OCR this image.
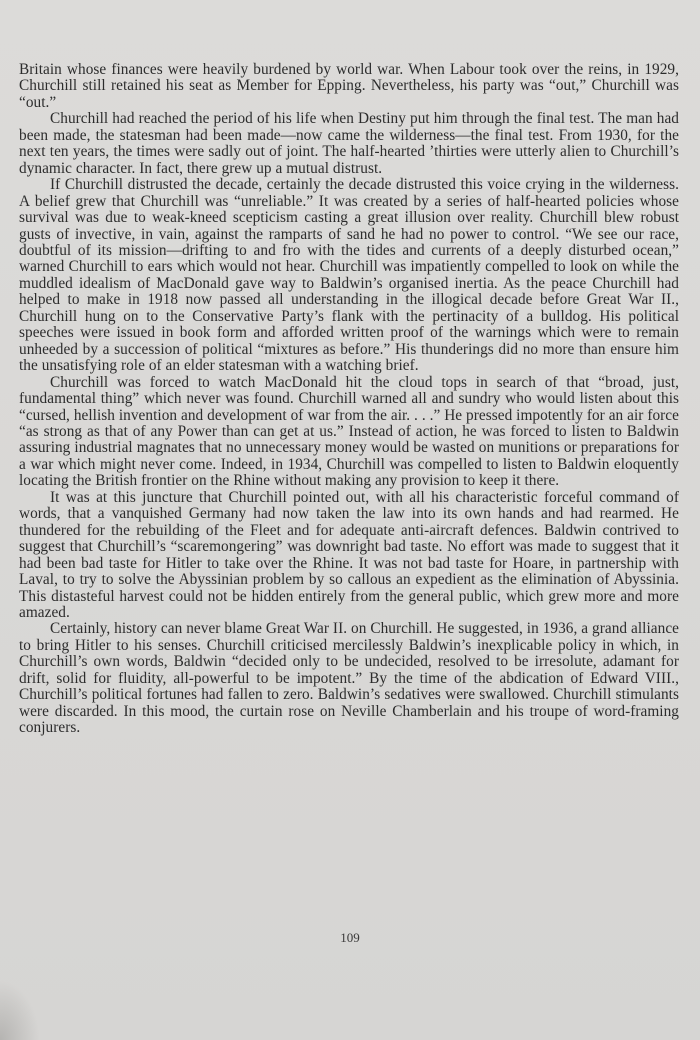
Britain whose finances were heavily burdened by world war. When Labour took over the reins, in 1929, Churchill still retained his seat as Member for Epping. Nevertheless, his party was “out,” Churchill was “out.”

Churchill had reached the period of his life when Destiny put him through the final test. The man had been made, the statesman had been made—now came the wilderness—the final test. From 1930, for the next ten years, the times were sadly out of joint. The half-hearted ’thirties were utterly alien to Churchill’s dynamic character. In fact, there grew up a mutual distrust.

If Churchill distrusted the decade, certainly the decade distrusted this voice crying in the wilderness. A belief grew that Churchill was “unreliable.” It was created by a series of half-hearted policies whose survival was due to weak-kneed scepticism casting a great illusion over reality. Churchill blew robust gusts of invective, in vain, against the ramparts of sand he had no power to control. “We see our race, doubtful of its mission—drifting to and fro with the tides and currents of a deeply disturbed ocean,” warned Churchill to ears which would not hear. Churchill was impatiently compelled to look on while the muddled idealism of MacDonald gave way to Baldwin’s organised inertia. As the peace Churchill had helped to make in 1918 now passed all understanding in the illogical decade before Great War II., Churchill hung on to the Conservative Party’s flank with the pertinacity of a bulldog. His political speeches were issued in book form and afforded written proof of the warnings which were to remain unheeded by a succession of political “mixtures as before.” His thunderings did no more than ensure him the unsatisfying role of an elder statesman with a watching brief.

Churchill was forced to watch MacDonald hit the cloud tops in search of that “broad, just, fundamental thing” which never was found. Churchill warned all and sundry who would listen about this “cursed, hellish invention and development of war from the air. . . .” He pressed impotently for an air force “as strong as that of any Power than can get at us.” Instead of action, he was forced to listen to Baldwin assuring industrial magnates that no unnecessary money would be wasted on munitions or preparations for a war which might never come. Indeed, in 1934, Churchill was compelled to listen to Baldwin eloquently locating the British frontier on the Rhine without making any provision to keep it there.

It was at this juncture that Churchill pointed out, with all his characteristic forceful command of words, that a vanquished Germany had now taken the law into its own hands and had rearmed. He thundered for the rebuilding of the Fleet and for adequate anti-aircraft defences. Baldwin contrived to suggest that Churchill’s “scaremongering” was downright bad taste. No effort was made to suggest that it had been bad taste for Hitler to take over the Rhine. It was not bad taste for Hoare, in partnership with Laval, to try to solve the Abyssinian problem by so callous an expedient as the elimination of Abyssinia. This distasteful harvest could not be hidden entirely from the general public, which grew more and more amazed.

Certainly, history can never blame Great War II. on Churchill. He suggested, in 1936, a grand alliance to bring Hitler to his senses. Churchill criticised mercilessly Baldwin’s inexplicable policy in which, in Churchill’s own words, Baldwin “decided only to be undecided, resolved to be irresolute, adamant for drift, solid for fluidity, all-powerful to be impotent.” By the time of the abdication of Edward VIII., Churchill’s political fortunes had fallen to zero. Baldwin’s sedatives were swallowed. Churchill stimulants were discarded. In this mood, the curtain rose on Neville Chamberlain and his troupe of word-framing conjurers.

109
